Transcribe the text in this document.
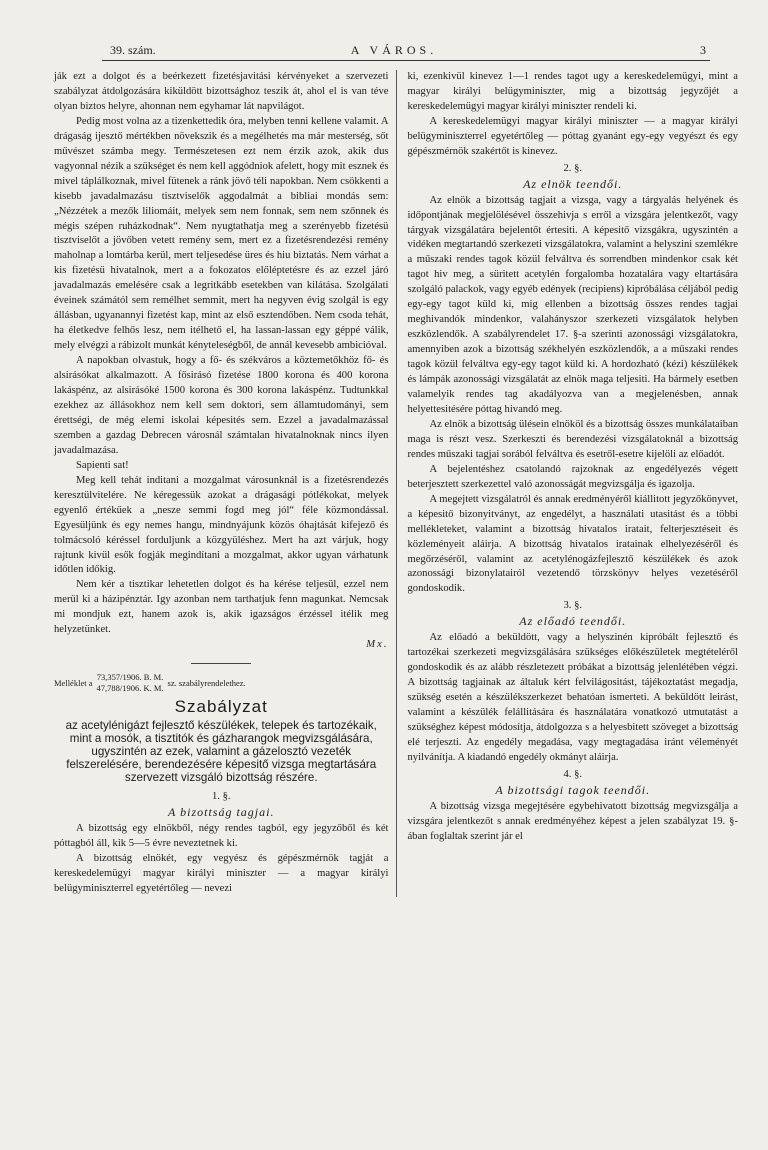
39. szám.	A VÁROS.	3

ják ezt a dolgot és a beérkezett fizetésjavitási kérvényeket a szervezeti szabályzat átdolgozására kiküldött bizottsághoz teszik át, ahol el is van téve olyan biztos helyre, ahonnan nem egyhamar lát napvilágot.

Pedig most volna az a tizenkettedik óra, melyben tenni kellene valamit. A drágaság ijesztő mértékben növekszik és a megélhetés ma már mesterség, sőt művészet számba megy. Természetesen ezt nem érzik azok, akik dus vagyonnal nézik a szükséget és nem kell aggódniok afelett, hogy mit esznek és mivel táplálkoznak, mivel fütenek a ránk jövő téli napokban. Nem csökkenti a kisebb javadalmazásu tisztviselők aggodalmát a bibliai mondás sem: „Nézzétek a mezők liliomáit, melyek sem nem fonnak, sem nem szőnnek és mégis szépen ruházkodnak“. Nem nyugtathatja meg a szerényebb fizetésü tisztviselőt a jövőben vetett remény sem, mert ez a fizetésrendezési remény maholnap a lomtárba kerül, mert teljesedése üres és hiu biztatás. Nem várhat a kis fizetésü hivatalnok, mert a a fokozatos előléptetésre és az ezzel járó javadalmazás emelésére csak a legritkább esetekben van kilátása. Szolgálati éveinek számától sem remélhet semmit, mert ha negyven évig szolgál is egy állásban, ugyanannyi fizetést kap, mint az első esztendőben. Nem csoda tehát, ha életkedve felhős lesz, nem itélhető el, ha lassan-lassan egy géppé válik, mely elvégzi a rábizolt munkát kényteleségből, de annál kevesebb ambicióval.

A napokban olvastuk, hogy a fő- és székváros a köztemetőkhöz fő- és alsirásókat alkalmazott. A fősirásó fizetése 1800 korona és 400 korona lakáspénz, az alsirásóké 1500 korona és 300 korona lakáspénz. Tudtunkkal ezekhez az állásokhoz nem kell sem doktori, sem államtudományi, sem érettségi, de még elemi iskolai képesités sem. Ezzel a javadalmazással szemben a gazdag Debrecen városnál számtalan hivatalnoknak nincs ilyen javadalmazása.

Sapienti sat!

Meg kell tehát inditani a mozgalmat városunknál is a fizetésrendezés keresztülvitelére. Ne kéregessük azokat a drágasági pótlékokat, melyek egyenlő értékűek a „nesze semmi fogd meg jól“ féle közmondással. Egyesüljünk és egy nemes hangu, mindnyájunk közös óhajtását kifejező és tolmácsoló kéréssel forduljunk a közgyüléshez. Mert ha azt várjuk, hogy rajtunk kivül esők fogják megindítani a mozgalmat, akkor ugyan várhatunk időtlen időkig.

Nem kér a tisztikar lehetetlen dolgot és ha kérése teljesül, ezzel nem merül ki a házipénztár. Igy azonban nem tarthatjuk fenn magunkat. Nemcsak mi mondjuk ezt, hanem azok is, akik igazságos érzéssel itélik meg helyzetünket.

Mx.

Melléklet a
73,357/1906. B. M.
47,788/1906. K. M.
sz. szabályrendelethez.

Szabályzat

az acetylénigázt fejlesztő készülékek, telepek és tartozékaik, mint a mosók, a tisztitók és gázharangok megvizsgálására, ugyszintén az ezek, valamint a gázelosztó vezeték felszerelésére, berendezésére képesitő vizsga megtartására szervezett vizsgáló bizottság részére.

1. §.

A bizottság tagjai.

A bizottság egy elnökből, négy rendes tagból, egy jegyzőből és két póttagból áll, kik 5—5 évre neveztetnek ki.

A bizottság elnökét, egy vegyész és gépészmérnök tagját a kereskedelemügyi magyar királyi miniszter — a magyar királyi belügyminiszterrel egyetértőleg — nevezi

ki, ezenkivül kinevez 1—1 rendes tagot ugy a kereskedelemügyi, mint a magyar királyi belügyminiszter, mig a bizottság jegyzőjét a kereskedelemügyi magyar királyi miniszter rendeli ki.

A kereskedelemügyi magyar királyi miniszter — a magyar királyi belügyminiszterrel egyetértőleg — póttag gyanánt egy-egy vegyészt és egy gépészmérnök szakértőt is kinevez.

2. §.

Az elnök teendői.

Az elnök a bizottság tagjait a vizsga, vagy a tárgyalás helyének és időpontjának megjelölésével összehivja s erről a vizsgára jelentkezőt, vagy tárgyak vizsgálatára bejelentőt értesiti. A képesitő vizsgákra, ugyszintén a vidéken megtartandó szerkezeti vizsgálatokra, valamint a helyszini szemlékre a műszaki rendes tagok közül felváltva és sorrendben mindenkor csak két tagot hiv meg, a süritett acetylén forgalomba hozatalára vagy eltartására szolgáló palackok, vagy egyéb edények (recipiens) kipróbálása céljából pedig egy-egy tagot küld ki, mig ellenben a bizottság összes rendes tagjai meghivandók mindenkor, valahányszor szerkezeti vizsgálatok helyben eszközlendők. A szabályrendelet 17. §-a szerinti azonossági vizsgálatokra, amennyiben azok a bizottság székhelyén eszközlendők, a a műszaki rendes tagok közül felváltva egy-egy tagot küld ki. A hordozható (kézi) készülékek és lámpák azonossági vizsgálatát az elnök maga teljesiti. Ha bármely esetben valamelyik rendes tag akadályozva van a megjelenésben, annak helyettesitésére póttag hivandó meg.

Az elnök a bizottság ülésein elnököl és a bizottság összes munkálataiban maga is részt vesz. Szerkeszti és berendezési vizsgálatoknál a bizottság rendes műszaki tagjai sorából felváltva és esetről-esetre kijelöli az előadót.

A bejelentéshez csatolandó rajzoknak az engedélyezés végett beterjesztett szerkezettel való azonosságát megvizsgálja és igazolja.

A megejtett vizsgálatról és annak eredményéről kiállitott jegyzőkönyvet, a képesitő bizonyitványt, az engedélyt, a használati utasitást és a többi mellékleteket, valamint a bizottság hivatalos iratait, felterjesztéseit és közleményeit aláirja. A bizottság hivatalos iratainak elhelyezéséről és megőrzéséről, valamint az acetylénogázfejlesztő készülékek és azok azonossági bizonylatairól vezetendő törzskönyv helyes vezetéséről gondoskodik.

3. §.

Az előadó teendői.

Az előadó a beküldött, vagy a helyszinén kipróbált fejlesztő és tartozékai szerkezeti megvizsgálására szükséges előkészületek megtételéről gondoskodik és az alább részletezett próbákat a bizottság jelenlétében végzi. A bizottság tagjainak az általuk kért felvilágositást, tájékoztatást megadja, szükség esetén a készülékszerkezet behatóan ismerteti. A beküldött leirást, valamint a készülék felállitására és használatára vonatkozó utmutatást a szükséghez képest módosítja, átdolgozza s a helyesbitett szöveget a bizottság elé terjeszti. Az engedély megadása, vagy megtagadása iránt véleményét nyilvánítja. A kiadandó engedély okmányt aláirja.

4. §.

A bizottsági tagok teendői.

A bizottság vizsga megejtésére egybehivatott bizottság megvizsgálja a vizsgára jelentkezőt s annak eredményéhez képest a jelen szabályzat 19. §-ában foglaltak szerint jár el
